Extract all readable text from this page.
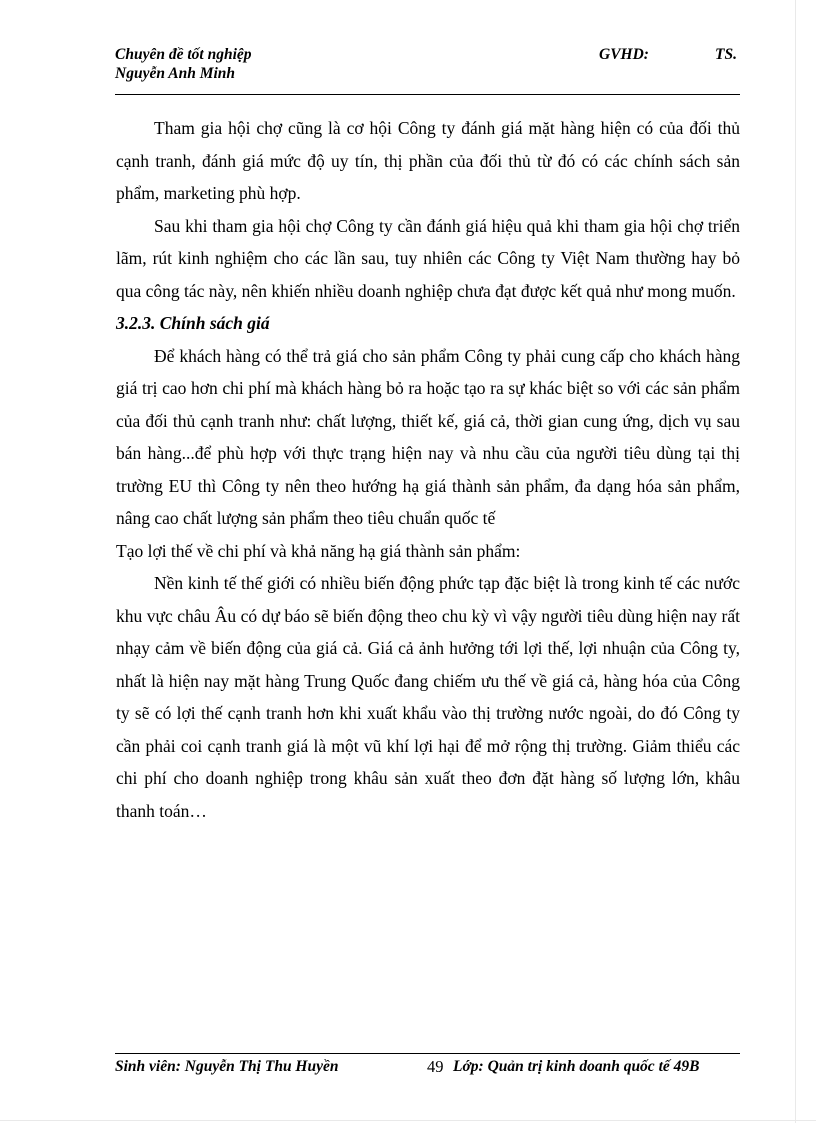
Chuyên đề tốt nghiệp	GVHD:	TS.
Nguyễn Anh Minh

Tham gia hội chợ cũng là cơ hội Công ty đánh giá mặt hàng hiện có của đối thủ cạnh tranh, đánh giá mức độ uy tín, thị phần của đối thủ từ đó có các chính sách sản phẩm, marketing phù hợp.

Sau khi tham gia hội chợ Công ty cần đánh giá hiệu quả khi tham gia hội chợ triển lãm, rút kinh nghiệm cho các lần sau, tuy nhiên các Công ty Việt Nam thường hay bỏ qua công tác này, nên khiến nhiều doanh nghiệp chưa đạt được kết quả như mong muốn.

3.2.3. Chính sách giá

Để khách hàng có thể trả giá cho sản phẩm Công ty phải cung cấp cho khách hàng giá trị cao hơn chi phí mà khách hàng bỏ ra hoặc tạo ra sự khác biệt so với các sản phẩm của đối thủ cạnh tranh như: chất lượng, thiết kế, giá cả, thời gian cung ứng, dịch vụ sau bán hàng...để phù hợp với thực trạng hiện nay và nhu cầu của người tiêu dùng tại thị trường EU thì Công ty nên theo hướng hạ giá thành sản phẩm, đa dạng hóa sản phẩm, nâng cao chất lượng sản phẩm theo tiêu chuẩn quốc tế

Tạo lợi thế về chi phí và khả năng hạ giá thành sản phẩm:

Nền kinh tế thế giới có nhiều biến động phức tạp đặc biệt là trong kinh tế các nước khu vực châu Âu có dự báo sẽ biến động theo chu kỳ vì vậy người tiêu dùng hiện nay rất nhạy cảm về biến động của giá cả. Giá cả ảnh hưởng tới lợi thế, lợi nhuận của Công ty, nhất là hiện nay mặt hàng Trung Quốc đang chiếm ưu thế về giá cả, hàng hóa của Công ty sẽ có lợi thế cạnh tranh hơn khi xuất khẩu vào thị trường nước ngoài, do đó Công ty cần phải coi cạnh tranh giá là một vũ khí lợi hại để mở rộng thị trường. Giảm thiểu các chi phí cho doanh nghiệp trong khâu sản xuất theo đơn đặt hàng số lượng lớn, khâu thanh toán…

Sinh viên: Nguyễn Thị Thu Huyền	49 Lớp: Quản trị kinh doanh quốc tế 49B
